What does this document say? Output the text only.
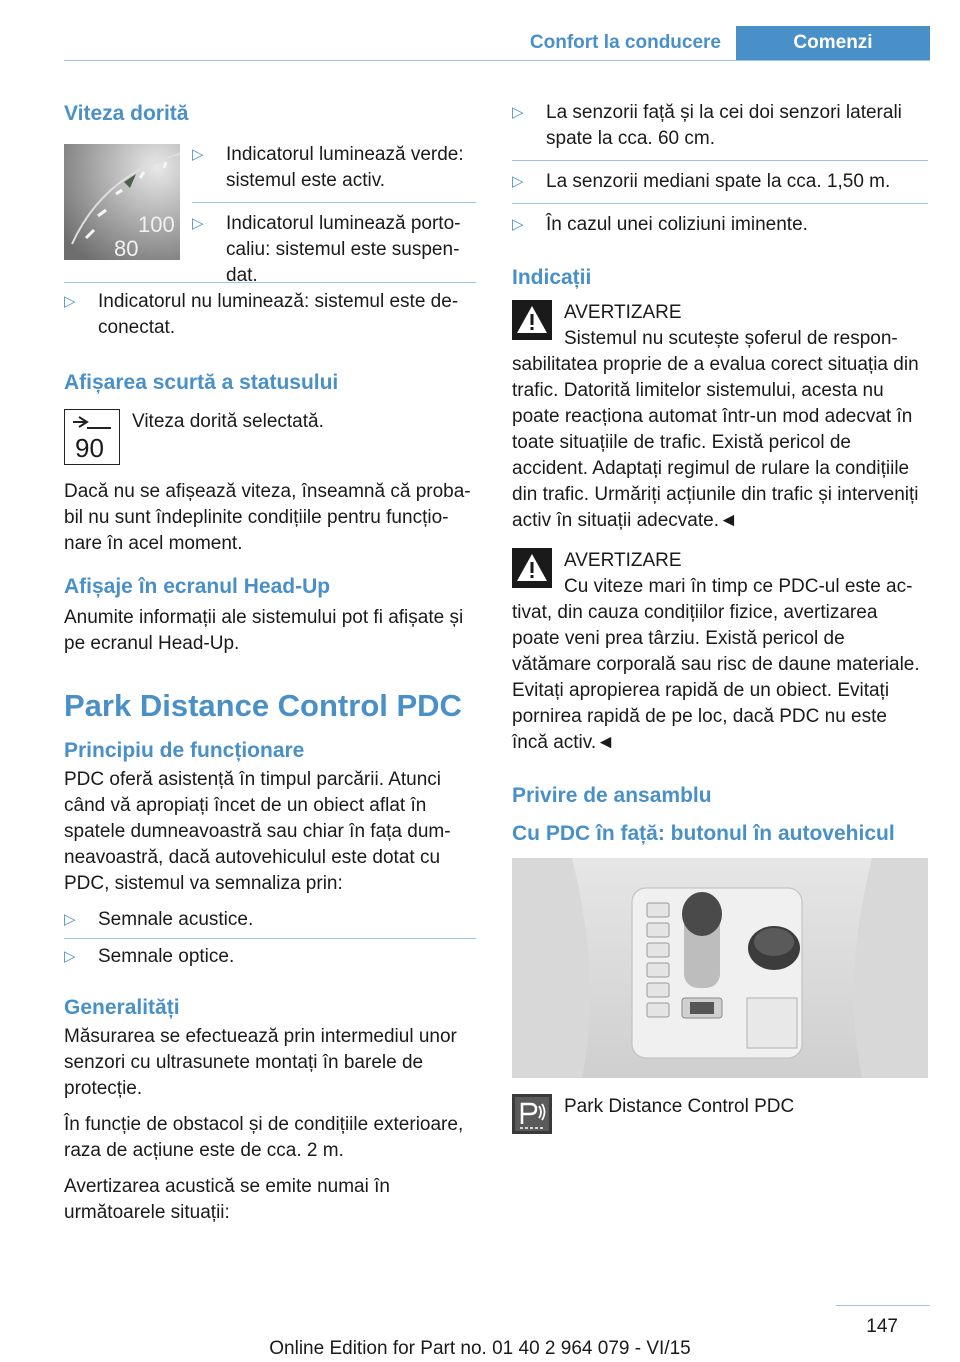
Confort la conducere	Comenzi
Viteza dorită
100
80
▷ Indicatorul luminează verde: sistemul este activ.
▷ Indicatorul luminează portocaliu: sistemul este suspendat.
▷ Indicatorul nu luminează: sistemul este deconectat.
Afișarea scurtă a statusului
90
Viteza dorită selectată.

Dacă nu se afișează viteza, înseamnă că probabil nu sunt îndeplinite condițiile pentru funcționare în acel moment.

Afișaje în ecranul Head-Up

Anumite informații ale sistemului pot fi afișate și pe ecranul Head-Up.

Park Distance Control PDC
Principiu de funcționare

PDC oferă asistență în timpul parcării. Atunci când vă apropiați încet de un obiect aflat în spatele dumneavoastră sau chiar în fața dumneavoastră, dacă autovehiculul este dotat cu PDC, sistemul va semnaliza prin:

▷ Semnale acustice.
▷ Semnale optice.
Generalități

Măsurarea se efectuează prin intermediul unor senzori cu ultrasunete montați în barele de protecție.

În funcție de obstacol și de condițiile exterioare, raza de acțiune este de cca. 2 m.

Avertizarea acustică se emite numai în următoarele situații:

▷ La senzorii față și la cei doi senzori laterali spate la cca. 60 cm.
▷ La senzorii mediani spate la cca. 1,50 m.
▷ În cazul unei coliziuni iminente.
Indicații
AVERTIZARE
Sistemul nu scutește șoferul de responsabilitatea proprie de a evalua corect situația din trafic. Datorită limitelor sistemului, acesta nu poate reacționa automat într-un mod adecvat în toate situațiile de trafic. Există pericol de accident. Adaptați regimul de rulare la condițiile din trafic. Urmăriți acțiunile din trafic și interveniți activ în situații adecvate.◄
AVERTIZARE
Cu viteze mari în timp ce PDC-ul este activat, din cauza condițiilor fizice, avertizarea poate veni prea târziu. Există pericol de vătămare corporală sau risc de daune materiale. Evitați apropierea rapidă de un obiect. Evitați pornirea rapidă de pe loc, dacă PDC nu este încă activ.◄
Privire de ansamblu
Cu PDC în față: butonul în autovehicul
Park Distance Control PDC
147
Online Edition for Part no. 01 40 2 964 079 - VI/15
